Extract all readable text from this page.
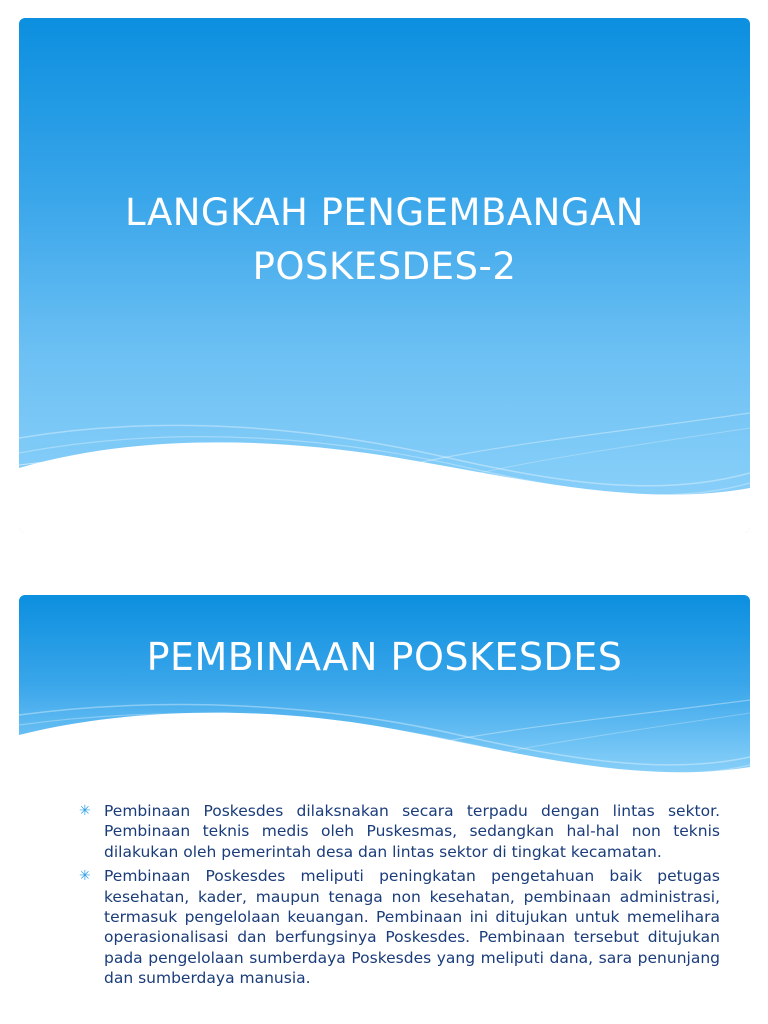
LANGKAH PENGEMBANGAN
POSKESDES-2
PEMBINAAN POSKESDES
✳ Pembinaan Poskesdes dilaksnakan secara terpadu dengan lintas sektor. Pembinaan teknis medis oleh Puskesmas, sedangkan hal-hal non teknis dilakukan oleh pemerintah desa dan lintas sektor di tingkat kecamatan.
✳ Pembinaan Poskesdes meliputi peningkatan pengetahuan baik petugas kesehatan, kader, maupun tenaga non kesehatan, pembinaan administrasi, termasuk pengelolaan keuangan. Pembinaan ini ditujukan untuk memelihara operasionalisasi dan berfungsinya Poskesdes. Pembinaan tersebut ditujukan pada pengelolaan sumberdaya Poskesdes yang meliputi dana, sara penunjang dan sumberdaya manusia.
